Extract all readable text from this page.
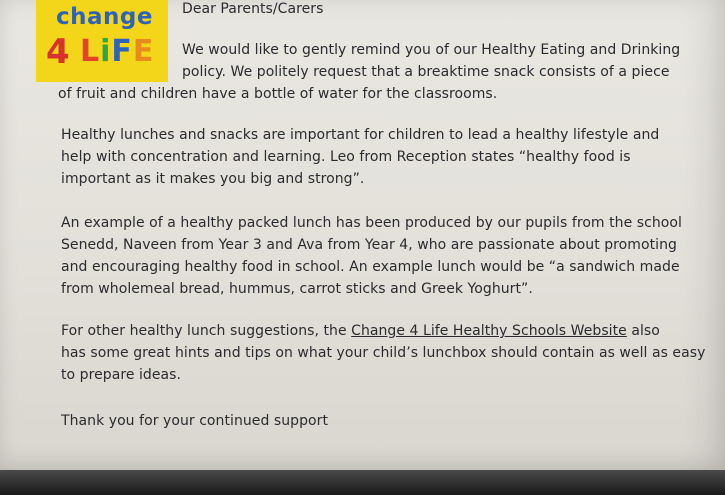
change
4 LiFE
Dear Parents/Carers
We would like to gently remind you of our Healthy Eating and Drinking
policy. We politely request that a breaktime snack consists of a piece
of fruit and children have a bottle of water for the classrooms.
Healthy lunches and snacks are important for children to lead a healthy lifestyle and
help with concentration and learning. Leo from Reception states “healthy food is
important as it makes you big and strong”.
An example of a healthy packed lunch has been produced by our pupils from the school
Senedd, Naveen from Year 3 and Ava from Year 4, who are passionate about promoting
and encouraging healthy food in school. An example lunch would be “a sandwich made
from wholemeal bread, hummus, carrot sticks and Greek Yoghurt”.
For other healthy lunch suggestions, the Change 4 Life Healthy Schools Website also
has some great hints and tips on what your child’s lunchbox should contain as well as easy
to prepare ideas.
Thank you for your continued support
